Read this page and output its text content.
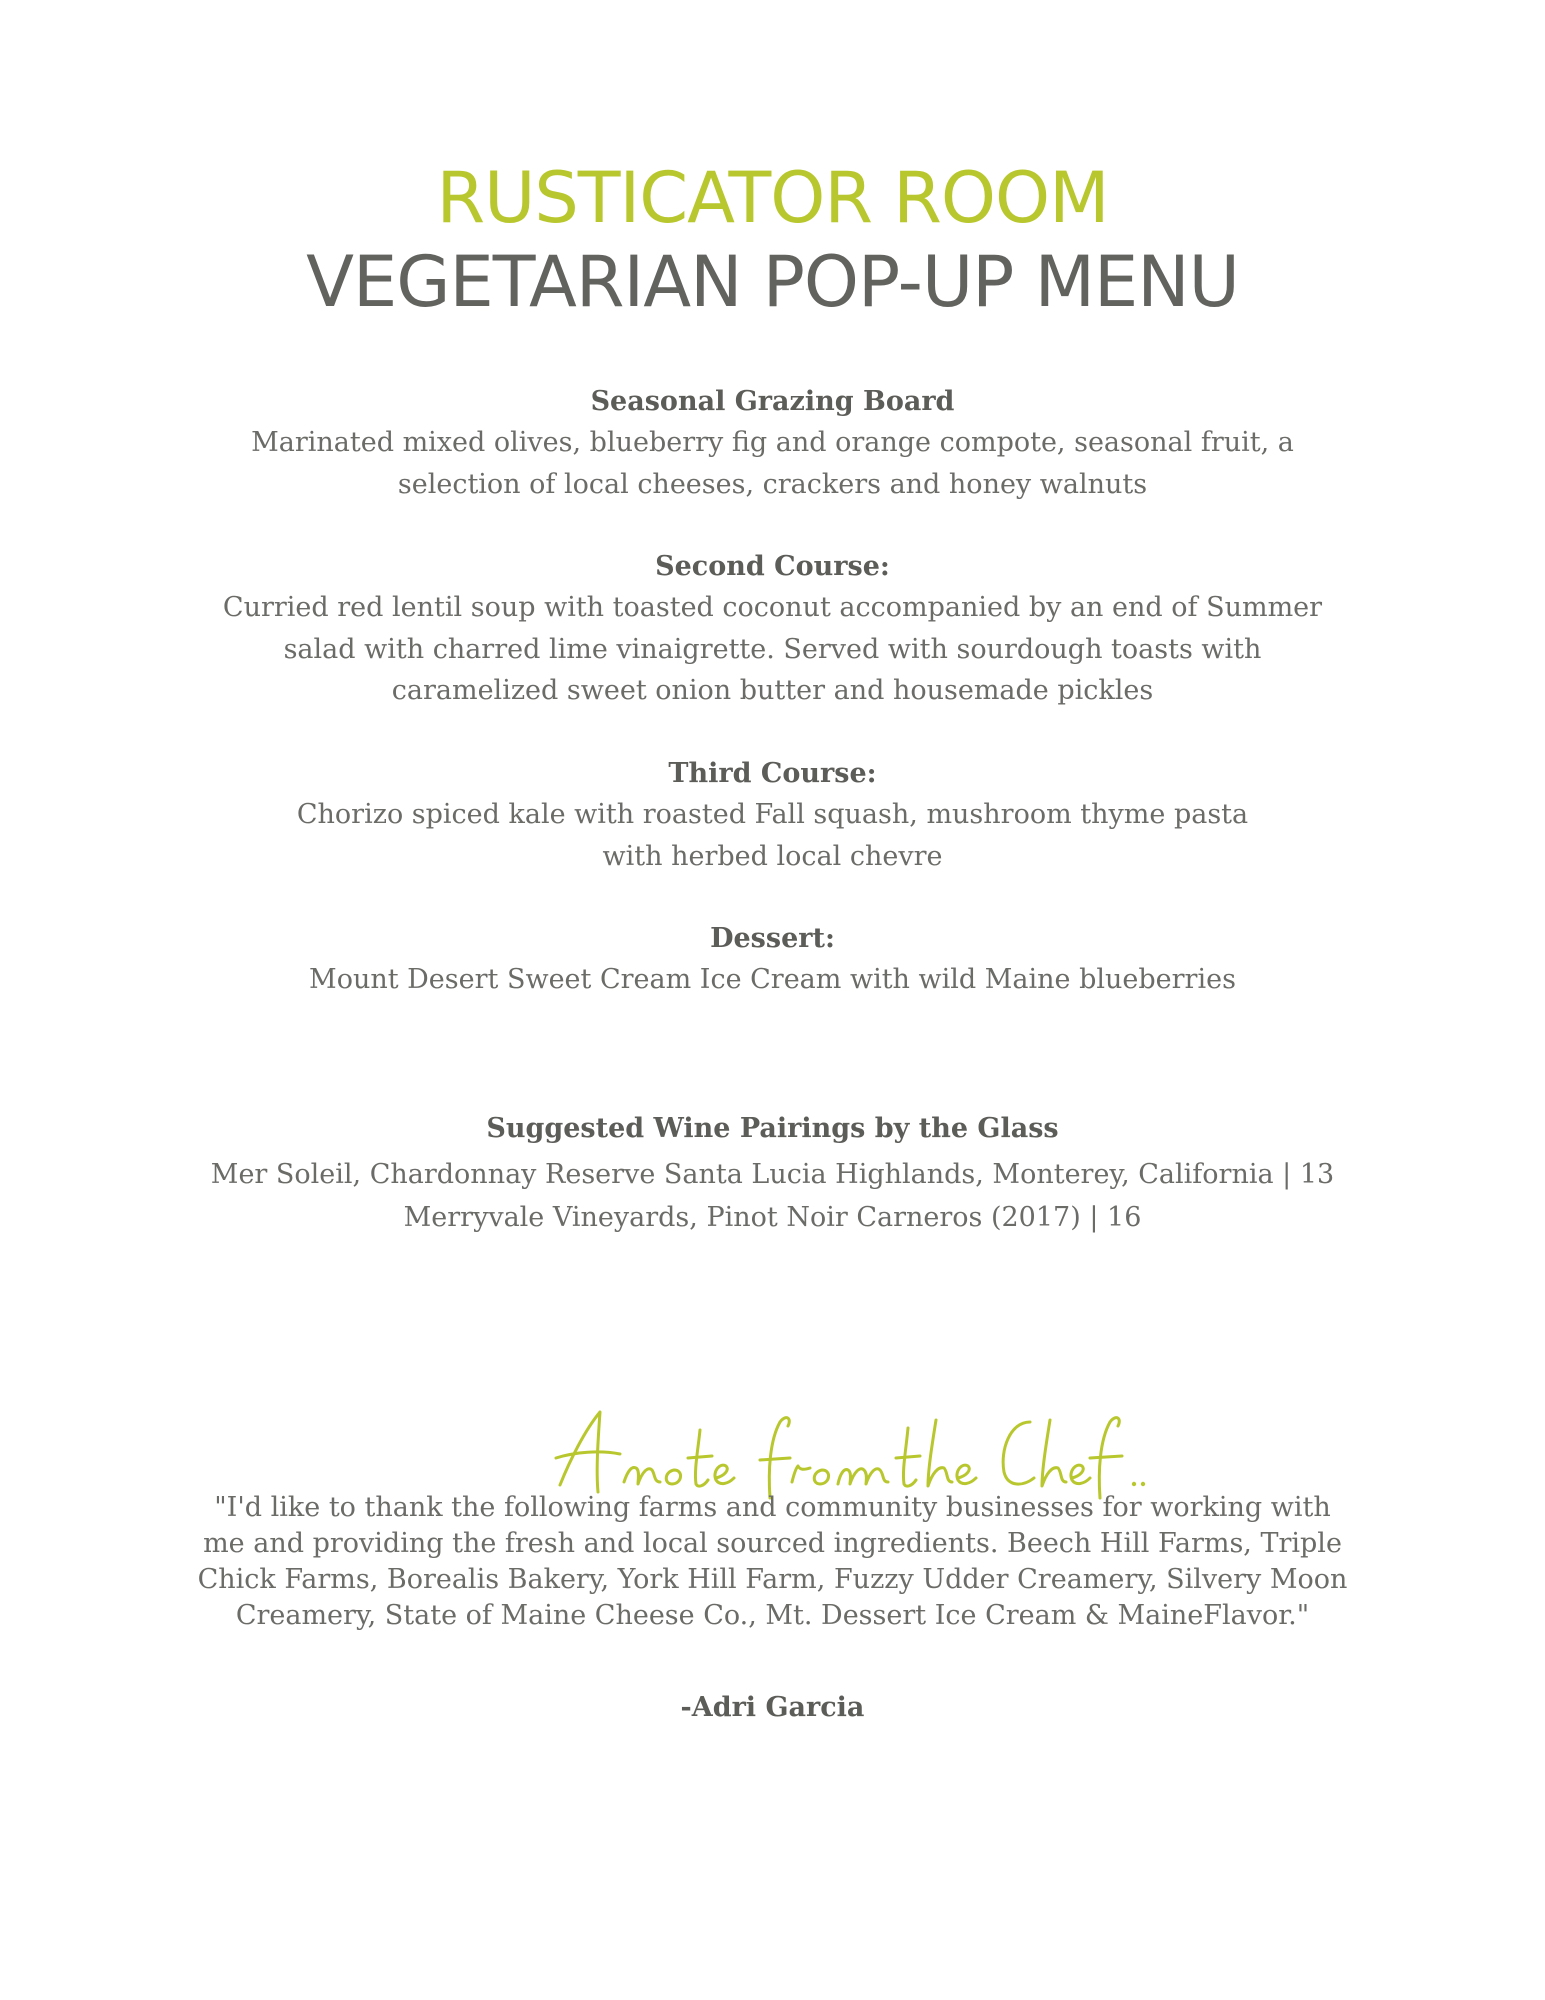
RUSTICATOR ROOM
VEGETARIAN POP-UP MENU
Seasonal Grazing Board
Marinated mixed olives, blueberry fig and orange compote, seasonal fruit, a
selection of local cheeses, crackers and honey walnuts
Second Course:
Curried red lentil soup with toasted coconut accompanied by an end of Summer
salad with charred lime vinaigrette. Served with sourdough toasts with
caramelized sweet onion butter and housemade pickles
Third Course:
Chorizo spiced kale with roasted Fall squash, mushroom thyme pasta
with herbed local chevre
Dessert:
Mount Desert Sweet Cream Ice Cream with wild Maine blueberries
Suggested Wine Pairings by the Glass
Mer Soleil, Chardonnay Reserve Santa Lucia Highlands, Monterey, California | 13
Merryvale Vineyards, Pinot Noir Carneros (2017) | 16
"I'd like to thank the following farms and community businesses for working with
me and providing the fresh and local sourced ingredients. Beech Hill Farms, Triple
Chick Farms, Borealis Bakery, York Hill Farm, Fuzzy Udder Creamery, Silvery Moon
Creamery, State of Maine Cheese Co., Mt. Dessert Ice Cream & MaineFlavor."
-Adri Garcia
